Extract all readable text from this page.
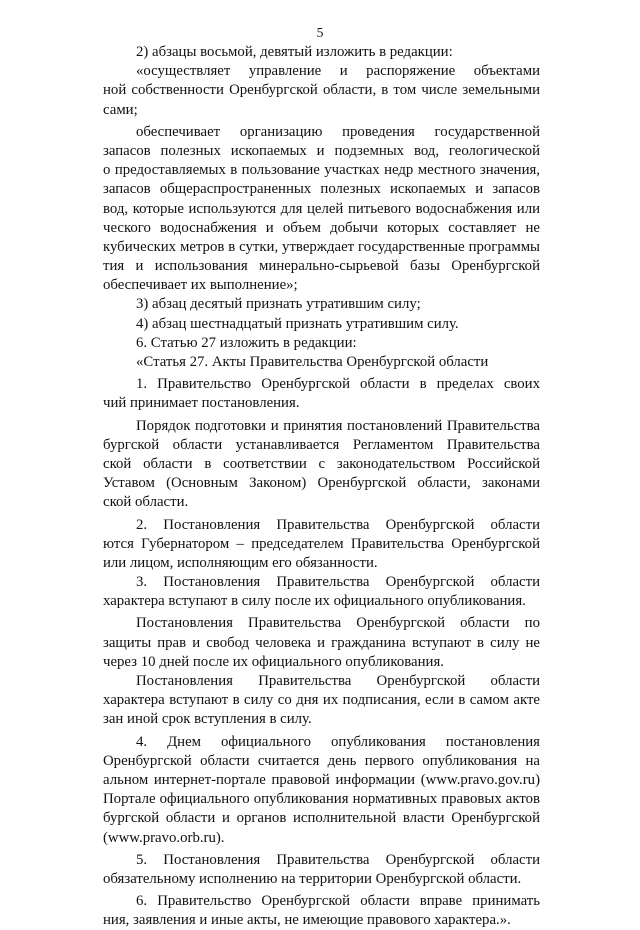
5
2) абзацы восьмой, девятый изложить в редакции:
«осуществляет управление и распоряжение объектами
ной собственности Оренбургской области, в том числе земельными
сами;
обеспечивает организацию проведения государственной
запасов полезных ископаемых и подземных вод, геологической
о предоставляемых в пользование участках недр местного значения,
запасов общераспространенных полезных ископаемых и запасов
вод, которые используются для целей питьевого водоснабжения или
ческого водоснабжения и объем добычи которых составляет не
кубических метров в сутки, утверждает государственные программы
тия и использования минерально-сырьевой базы Оренбургской
обеспечивает их выполнение»;
3) абзац десятый признать утратившим силу;
4) абзац шестнадцатый признать утратившим силу.
6. Статью 27 изложить в редакции:
«Статья 27. Акты Правительства Оренбургской области
1. Правительство Оренбургской области в пределах своих
чий принимает постановления.
Порядок подготовки и принятия постановлений Правительства
бургской области устанавливается Регламентом Правительства
ской области в соответствии с законодательством Российской
Уставом (Основным Законом) Оренбургской области, законами
ской области.
2. Постановления Правительства Оренбургской области
ются Губернатором – председателем Правительства Оренбургской
или лицом, исполняющим его обязанности.
3. Постановления Правительства Оренбургской области
характера вступают в силу после их официального опубликования.
Постановления Правительства Оренбургской области по
защиты прав и свобод человека и гражданина вступают в силу не
через 10 дней после их официального опубликования.
Постановления Правительства Оренбургской области
характера вступают в силу со дня их подписания, если в самом акте
зан иной срок вступления в силу.
4. Днем официального опубликования постановления
Оренбургской области считается день первого опубликования на
альном интернет-портале правовой информации (www.pravo.gov.ru)
Портале официального опубликования нормативных правовых актов
бургской области и органов исполнительной власти Оренбургской
(www.pravo.orb.ru).
5. Постановления Правительства Оренбургской области
обязательному исполнению на территории Оренбургской области.
6. Правительство Оренбургской области вправе принимать
ния, заявления и иные акты, не имеющие правового характера.».
